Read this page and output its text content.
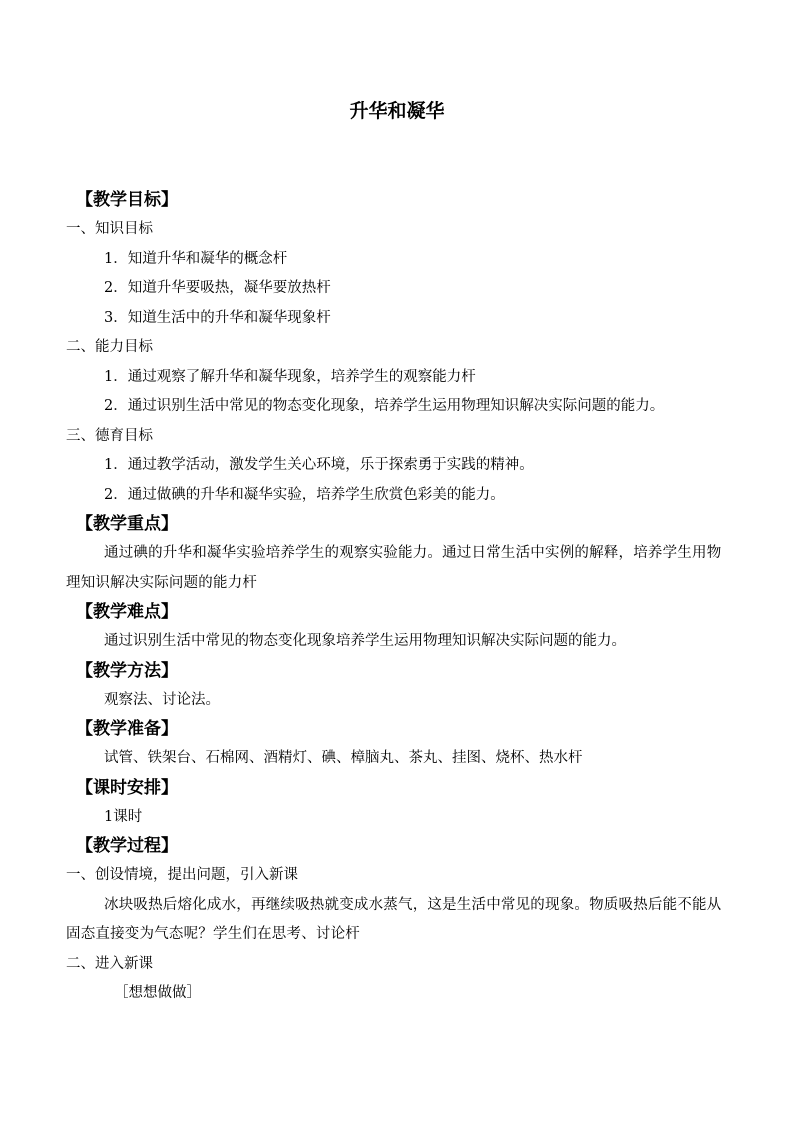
升华和凝华
【教学目标】
一、知识目标
1．知道升华和凝华的概念杆
2．知道升华要吸热，凝华要放热杆
3．知道生活中的升华和凝华现象杆
二、能力目标
1．通过观察了解升华和凝华现象，培养学生的观察能力杆
2．通过识别生活中常见的物态变化现象，培养学生运用物理知识解决实际问题的能力。
三、德育目标
1．通过教学活动，激发学生关心环境，乐于探索勇于实践的精神。
2．通过做碘的升华和凝华实验，培养学生欣赏色彩美的能力。
【教学重点】
通过碘的升华和凝华实验培养学生的观察实验能力。通过日常生活中实例的解释，培养学生用物理知识解决实际问题的能力杆
【教学难点】
通过识别生活中常见的物态变化现象培养学生运用物理知识解决实际问题的能力。
【教学方法】
观察法、讨论法。
【教学准备】
试管、铁架台、石棉网、酒精灯、碘、樟脑丸、茶丸、挂图、烧杯、热水杆
【课时安排】
1课时
【教学过程】
一、创设情境，提出问题，引入新课
冰块吸热后熔化成水，再继续吸热就变成水蒸气，这是生活中常见的现象。物质吸热后能不能从固态直接变为气态呢？学生们在思考、讨论杆
二、进入新课
［想想做做］
